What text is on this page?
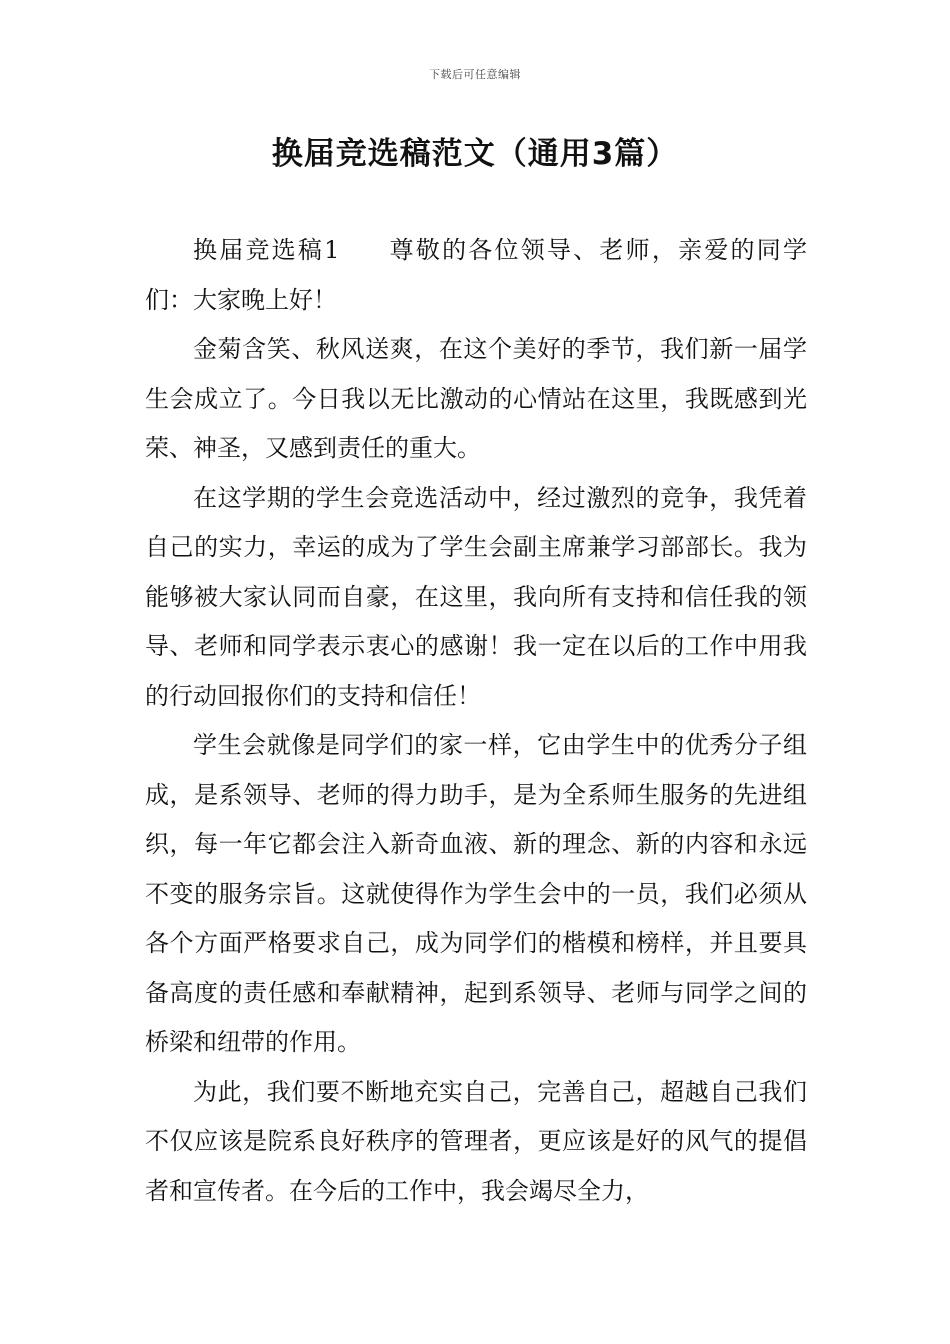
下载后可任意编辑
换届竞选稿范文（通用3篇）

换届竞选稿1 尊敬的各位领导、老师，亲爱的同学们：大家晚上好！

金菊含笑、秋风送爽，在这个美好的季节，我们新一届学生会成立了。今日我以无比激动的心情站在这里，我既感到光荣、神圣，又感到责任的重大。

在这学期的学生会竞选活动中，经过激烈的竞争，我凭着自己的实力，幸运的成为了学生会副主席兼学习部部长。我为能够被大家认同而自豪，在这里，我向所有支持和信任我的领导、老师和同学表示衷心的感谢！我一定在以后的工作中用我的行动回报你们的支持和信任！

学生会就像是同学们的家一样，它由学生中的优秀分子组成，是系领导、老师的得力助手，是为全系师生服务的先进组织，每一年它都会注入新奇血液、新的理念、新的内容和永远不变的服务宗旨。这就使得作为学生会中的一员，我们必须从各个方面严格要求自己，成为同学们的楷模和榜样，并且要具备高度的责任感和奉献精神，起到系领导、老师与同学之间的桥梁和纽带的作用。

为此，我们要不断地充实自己，完善自己，超越自己我们不仅应该是院系良好秩序的管理者，更应该是好的风气的提倡者和宣传者。在今后的工作中，我会竭尽全力，
